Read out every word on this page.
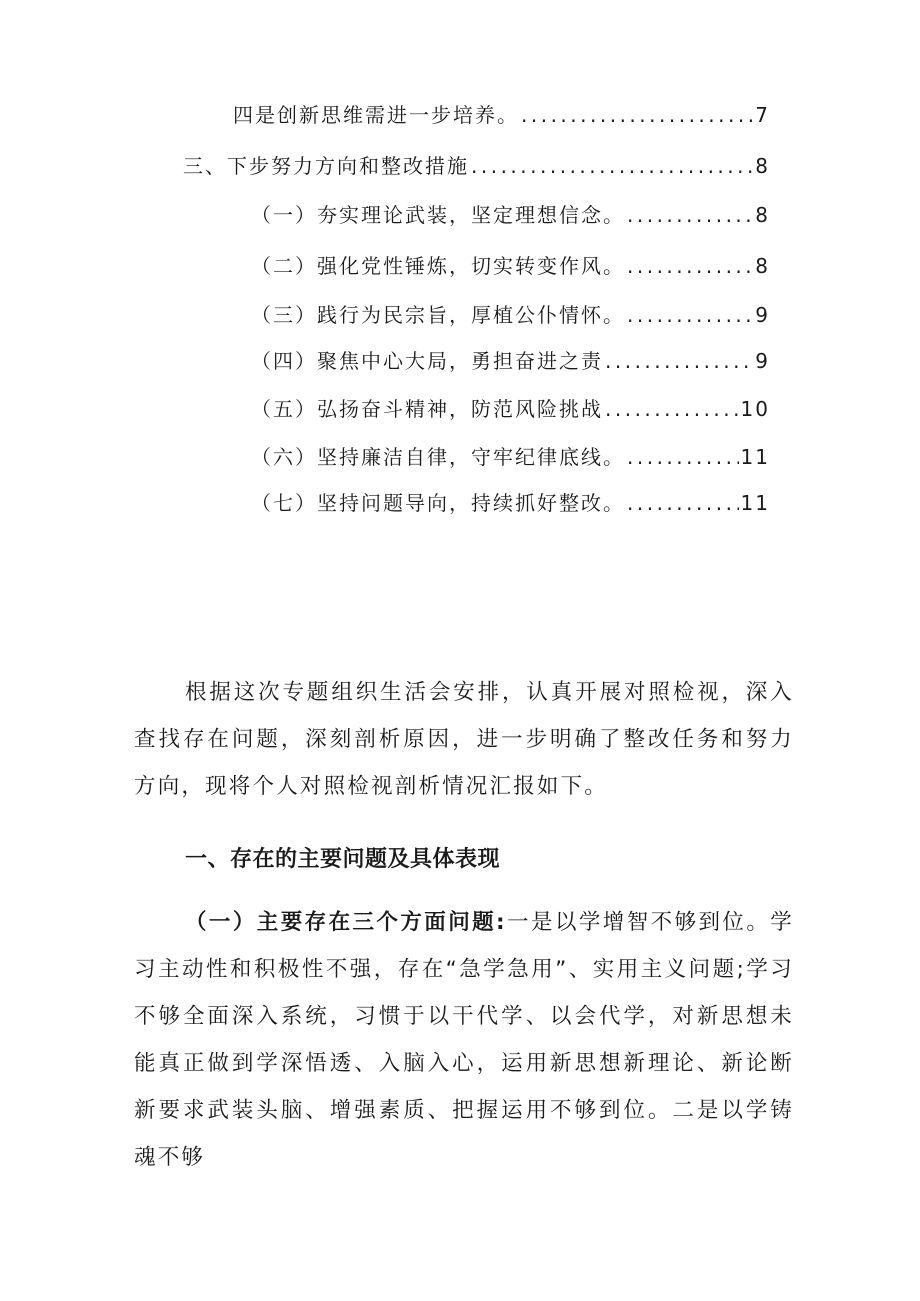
四是创新思维需进一步培养。 .....	7
三、下步努力方向和整改措施 .....	8
（一）夯实理论武装，坚定理想信念。 .....	8
（二）强化党性锤炼，切实转变作风。 .....	8
（三）践行为民宗旨，厚植公仆情怀。 .....	9
（四）聚焦中心大局，勇担奋进之责 .....	9
（五）弘扬奋斗精神，防范风险挑战 .....	10
（六）坚持廉洁自律，守牢纪律底线。 .....	11
（七）坚持问题导向，持续抓好整改。 .....	11

根据这次专题组织生活会安排，认真开展对照检视，深入查找存在问题，深刻剖析原因，进一步明确了整改任务和努力方向，现将个人对照检视剖析情况汇报如下。

一、存在的主要问题及具体表现

（一）主要存在三个方面问题:一是以学增智不够到位。学习主动性和积极性不强，存在“急学急用”、实用主义问题;学习不够全面深入系统，习惯于以干代学、以会代学，对新思想未能真正做到学深悟透、入脑入心，运用新思想新理论、新论断新要求武装头脑、增强素质、把握运用不够到位。二是以学铸魂不够
